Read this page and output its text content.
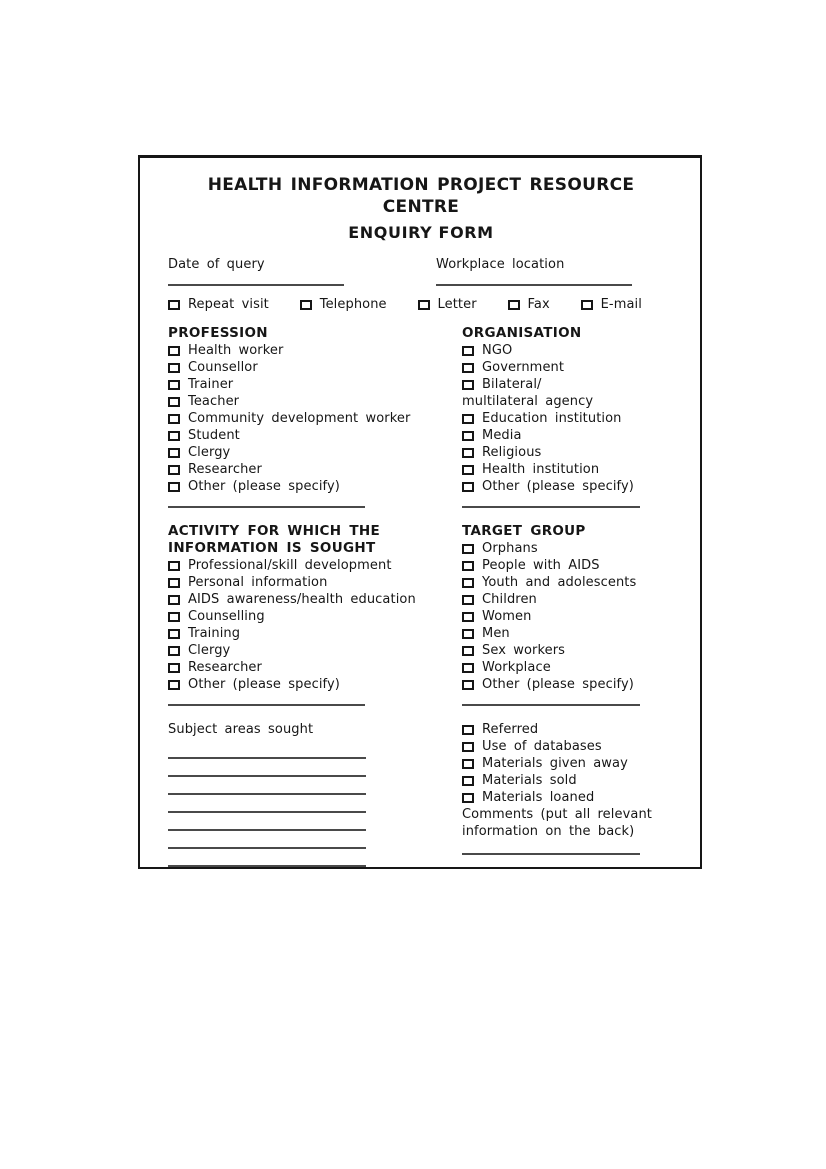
HEALTH INFORMATION PROJECT RESOURCE CENTRE
ENQUIRY FORM
Date of query	Workplace location
Repeat visit	Telephone	Letter	Fax	E-mail
PROFESSION
Health worker
Counsellor
Trainer
Teacher
Community development worker
Student
Clergy
Researcher
Other (please specify)
ACTIVITY FOR WHICH THE
INFORMATION IS SOUGHT
Professional/skill development
Personal information
AIDS awareness/health education
Counselling
Training
Clergy
Researcher
Other (please specify)
Subject areas sought
ORGANISATION
NGO
Government
Bilateral/
multilateral agency
Education institution
Media
Religious
Health institution
Other (please specify)
TARGET GROUP
Orphans
People with AIDS
Youth and adolescents
Children
Women
Men
Sex workers
Workplace
Other (please specify)
Referred
Use of databases
Materials given away
Materials sold
Materials loaned
Comments (put all relevant information on the back)
